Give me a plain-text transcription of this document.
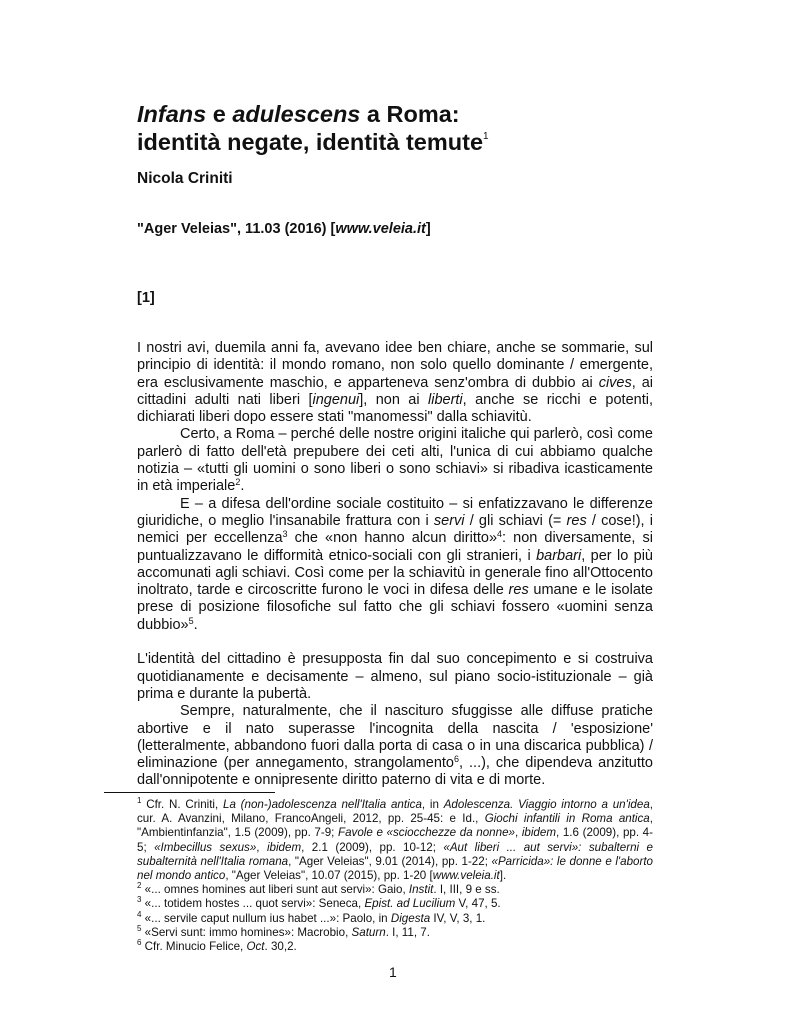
Infans e adulescens a Roma:
identità negate, identità temute$^1$
Nicola Criniti
"Ager Veleias", 11.03 (2016) [www.veleia.it]
[1]

I nostri avi, duemila anni fa, avevano idee ben chiare, anche se sommarie, sul principio di identità: il mondo romano, non solo quello dominante / emergente, era esclusivamente maschio, e apparteneva senz'ombra di dubbio ai cives, ai cittadini adulti nati liberi [ingenui], non ai liberti, anche se ricchi e potenti, dichiarati liberi dopo essere stati "manomessi" dalla schiavitù.

Certo, a Roma – perché delle nostre origini italiche qui parlerò, così come parlerò di fatto dell'età prepubere dei ceti alti, l'unica di cui abbiamo qualche notizia – «tutti gli uomini o sono liberi o sono schiavi» si ribadiva icasticamente in età imperiale$^2$.

E – a difesa dell'ordine sociale costituito – si enfatizzavano le differenze giuridiche, o meglio l'insanabile frattura con i servi / gli schiavi (= res / cose!), i nemici per eccellenza$^3$ che «non hanno alcun diritto»$^4$: non diversamente, si puntualizzavano le difformità etnico-sociali con gli stranieri, i barbari, per lo più accomunati agli schiavi. Così come per la schiavitù in generale fino all'Ottocento inoltrato, tarde e circoscritte furono le voci in difesa delle res umane e le isolate prese di posizione filosofiche sul fatto che gli schiavi fossero «uomini senza dubbio»$^5$.

L'identità del cittadino è presupposta fin dal suo concepimento e si costruiva quotidianamente e decisamente – almeno, sul piano socio-istituzionale – già prima e durante la pubertà.

Sempre, naturalmente, che il nascituro sfuggisse alle diffuse pratiche abortive e il nato superasse l'incognita della nascita / 'esposizione' (letteralmente, abbandono fuori dalla porta di casa o in una discarica pubblica) / eliminazione (per annegamento, strangolamento$^6$, ...), che dipendeva anzitutto dall'onnipotente e onnipresente diritto paterno di vita e di morte.

$^1$ Cfr. N. Criniti, La (non-)adolescenza nell'Italia antica, in Adolescenza. Viaggio intorno a un'idea, cur. A. Avanzini, Milano, FrancoAngeli, 2012, pp. 25-45: e Id., Giochi infantili in Roma antica, "Ambientinfanzia", 1.5 (2009), pp. 7-9; Favole e «sciocchezze da nonne», ibidem, 1.6 (2009), pp. 4-5; «Imbecillus sexus», ibidem, 2.1 (2009), pp. 10-12; «Aut liberi ... aut servi»: subalterni e subalternità nell'Italia romana, "Ager Veleias", 9.01 (2014), pp. 1-22; «Parricida»: le donne e l'aborto nel mondo antico, "Ager Veleias", 10.07 (2015), pp. 1-20 [www.veleia.it].

$^2$ «... omnes homines aut liberi sunt aut servi»: Gaio, Instit. I, III, 9 e ss.

$^3$ «... totidem hostes ... quot servi»: Seneca, Epist. ad Lucilium V, 47, 5.

$^4$ «... servile caput nullum ius habet ...»: Paolo, in Digesta IV, V, 3, 1.

$^5$ «Servi sunt: immo homines»: Macrobio, Saturn. I, 11, 7.

$^6$ Cfr. Minucio Felice, Oct. 30,2.

1
